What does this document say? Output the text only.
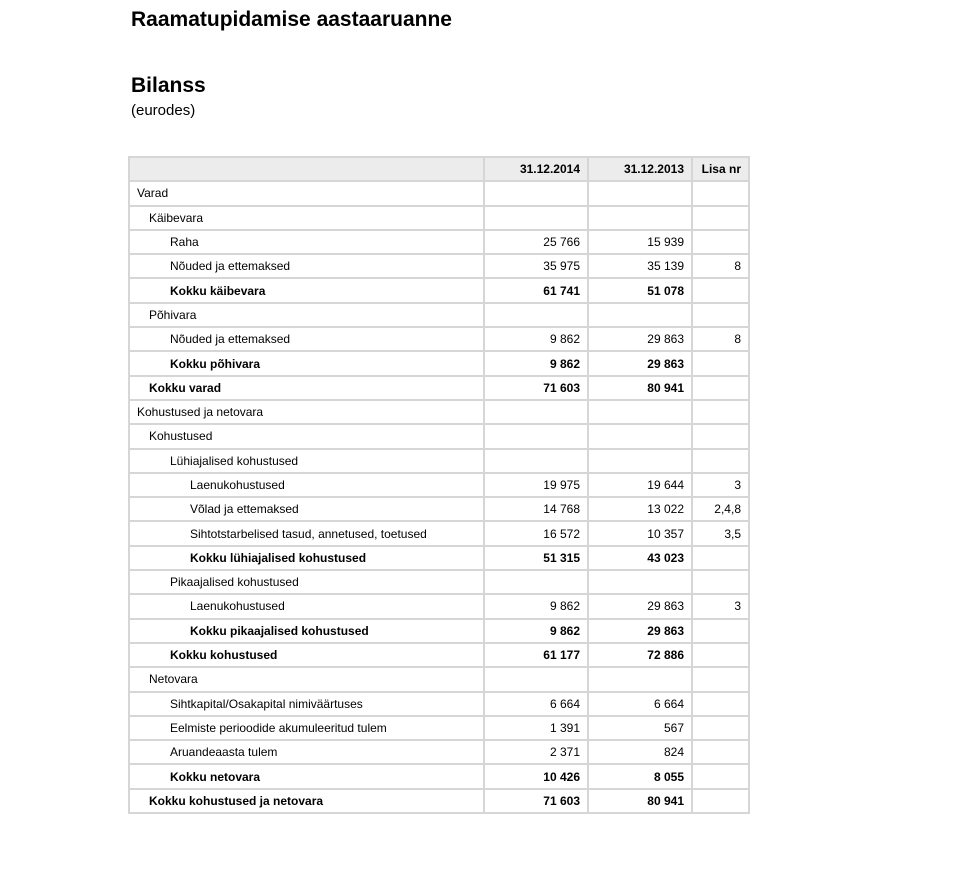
Raamatupidamise aastaaruanne
Bilanss

(eurodes)

	31.12.2014	31.12.2013	Lisa nr
Varad			
Käibevara			
Raha	25 766	15 939	
Nõuded ja ettemaksed	35 975	35 139	8
Kokku käibevara	61 741	51 078	
Põhivara			
Nõuded ja ettemaksed	9 862	29 863	8
Kokku põhivara	9 862	29 863	
Kokku varad	71 603	80 941	
Kohustused ja netovara			
Kohustused			
Lühiajalised kohustused			
Laenukohustused	19 975	19 644	3
Võlad ja ettemaksed	14 768	13 022	2,4,8
Sihtotstarbelised tasud, annetused, toetused	16 572	10 357	3,5
Kokku lühiajalised kohustused	51 315	43 023	
Pikaajalised kohustused			
Laenukohustused	9 862	29 863	3
Kokku pikaajalised kohustused	9 862	29 863	
Kokku kohustused	61 177	72 886	
Netovara			
Sihtkapital/Osakapital nimiväärtuses	6 664	6 664	
Eelmiste perioodide akumuleeritud tulem	1 391	567	
Aruandeaasta tulem	2 371	824	
Kokku netovara	10 426	8 055	
Kokku kohustused ja netovara	71 603	80 941	
